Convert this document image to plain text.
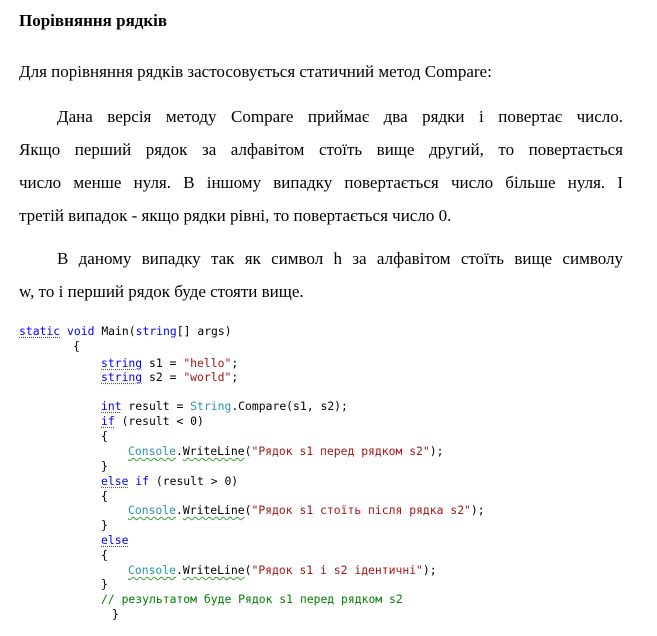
Порівняння рядків
Для порівняння рядків застосовується статичний метод Compare:
Дана версія методу Compare приймає два рядки і повертає число.
Якщо перший рядок за алфавітом стоїть вище другий, то повертається
число менше нуля. В іншому випадку повертається число більше нуля. І
третій випадок - якщо рядки рівні, то повертається число 0.
В даному випадку так як символ h за алфавітом стоїть вище символу
w, то і перший рядок буде стояти вище.
static void Main(string[] args)
{
string s1 = "hello";
string s2 = "world";
int result = String.Compare(s1, s2);
if (result < 0)
{
Console.WriteLine("Рядок s1 перед рядком s2");
}
else if (result > 0)
{
Console.WriteLine("Рядок s1 стоїть після рядка s2");
}
else
{
Console.WriteLine("Рядок s1 і s2 ідентичні");
}
// результатом буде Рядок s1 перед рядком s2
}
